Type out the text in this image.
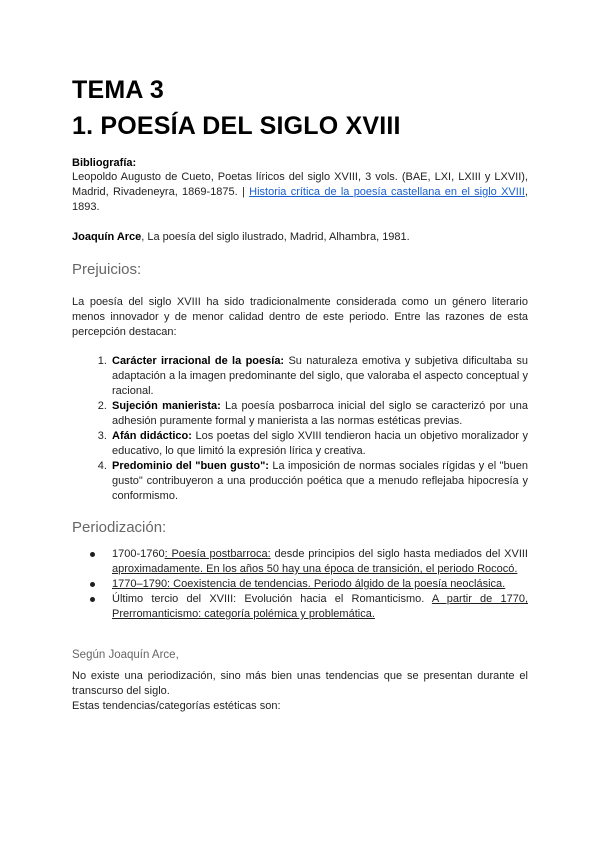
TEMA 3
1. POESÍA DEL SIGLO XVIII
Bibliografía:

Leopoldo Augusto de Cueto, Poetas líricos del siglo XVIII, 3 vols. (BAE, LXI, LXIII y LXVII), Madrid, Rivadeneyra, 1869-1875. | Historia crítica de la poesía castellana en el siglo XVIII, 1893.

Joaquín Arce, La poesía del siglo ilustrado, Madrid, Alhambra, 1981.

Prejuicios:

La poesía del siglo XVIII ha sido tradicionalmente considerada como un género literario menos innovador y de menor calidad dentro de este periodo. Entre las razones de esta percepción destacan:

1. Carácter irracional de la poesía: Su naturaleza emotiva y subjetiva dificultaba su adaptación a la imagen predominante del siglo, que valoraba el aspecto conceptual y racional.
2. Sujeción manierista: La poesía posbarroca inicial del siglo se caracterizó por una adhesión puramente formal y manierista a las normas estéticas previas.
3. Afán didáctico: Los poetas del siglo XVIII tendieron hacia un objetivo moralizador y educativo, lo que limitó la expresión lírica y creativa.
4. Predominio del "buen gusto": La imposición de normas sociales rígidas y el "buen gusto" contribuyeron a una producción poética que a menudo reflejaba hipocresía y conformismo.
Periodización:
1700-1760: Poesía postbarroca: desde principios del siglo hasta mediados del XVIII aproximadamente. En los años 50 hay una época de transición, el periodo Rococó.
1770–1790: Coexistencia de tendencias. Periodo álgido de la poesía neoclásica.
Último tercio del XVIII: Evolución hacia el Romanticismo. A partir de 1770, Prerromanticismo: categoría polémica y problemática.
Según Joaquín Arce,

No existe una periodización, sino más bien unas tendencias que se presentan durante el transcurso del siglo.

Estas tendencias/categorías estéticas son:
